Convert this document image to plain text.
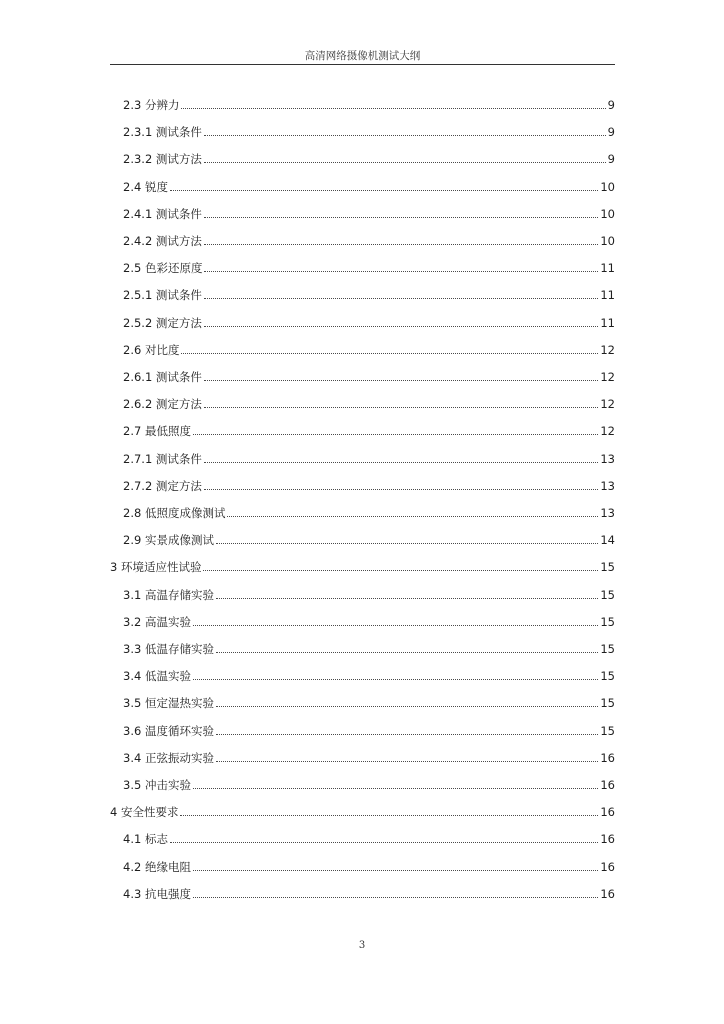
高清网络摄像机测试大纲
2.3 分辨力	9
2.3.1 测试条件	9
2.3.2 测试方法	9
2.4 锐度	10
2.4.1 测试条件	10
2.4.2 测试方法	10
2.5 色彩还原度	11
2.5.1 测试条件	11
2.5.2 测定方法	11
2.6 对比度	12
2.6.1 测试条件	12
2.6.2 测定方法	12
2.7 最低照度	12
2.7.1 测试条件	13
2.7.2 测定方法	13
2.8 低照度成像测试	13
2.9 实景成像测试	14
3 环境适应性试验	15
3.1 高温存储实验	15
3.2 高温实验	15
3.3 低温存储实验	15
3.4 低温实验	15
3.5 恒定湿热实验	15
3.6 温度循环实验	15
3.4 正弦振动实验	16
3.5 冲击实验	16
4 安全性要求	16
4.1 标志	16
4.2 绝缘电阻	16
4.3 抗电强度	16
3
